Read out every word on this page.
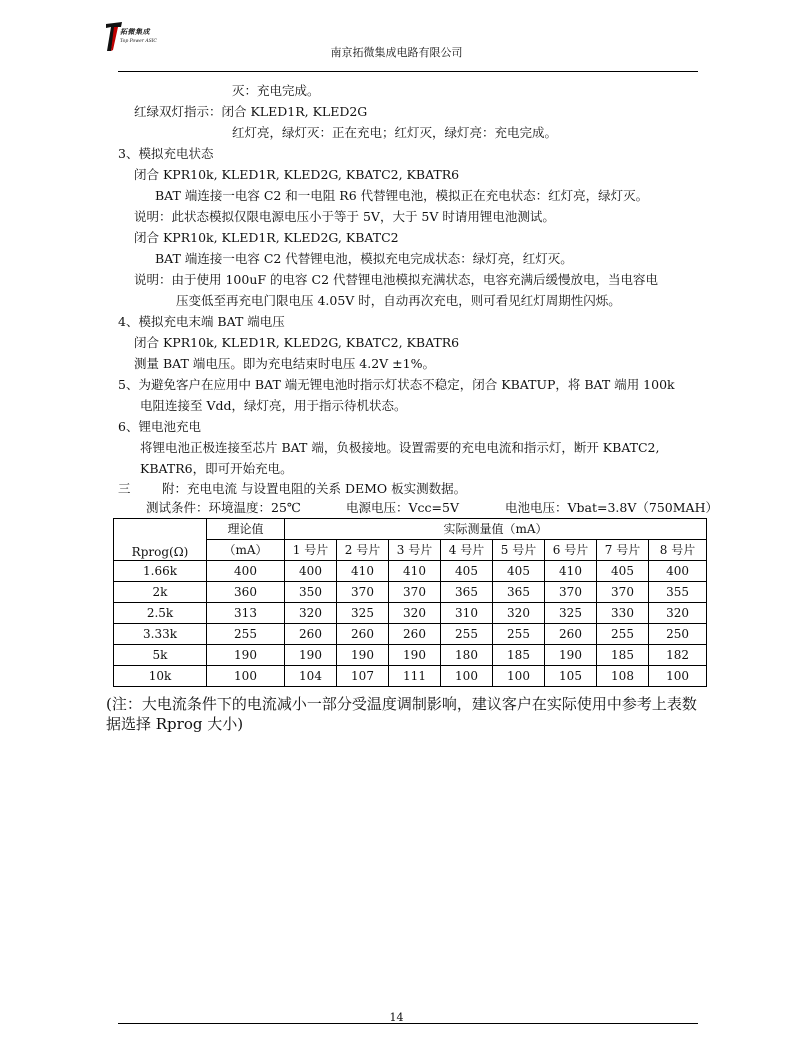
拓微集成
Top Power ASIC
南京拓微集成电路有限公司
灭：充电完成。
红绿双灯指示：闭合 KLED1R, KLED2G
红灯亮，绿灯灭：正在充电；红灯灭，绿灯亮：充电完成。
3、模拟充电状态
闭合 KPR10k, KLED1R, KLED2G, KBATC2, KBATR6
BAT 端连接一电容 C2 和一电阻 R6 代替锂电池，模拟正在充电状态：红灯亮，绿灯灭。
说明：此状态模拟仅限电源电压小于等于 5V，大于 5V 时请用锂电池测试。
闭合 KPR10k, KLED1R, KLED2G, KBATC2
BAT 端连接一电容 C2 代替锂电池，模拟充电完成状态：绿灯亮，红灯灭。
说明：由于使用 100uF 的电容 C2 代替锂电池模拟充满状态，电容充满后缓慢放电，当电容电
压变低至再充电门限电压 4.05V 时，自动再次充电，则可看见红灯周期性闪烁。
4、模拟充电末端 BAT 端电压
闭合 KPR10k, KLED1R, KLED2G, KBATC2, KBATR6
测量 BAT 端电压。即为充电结束时电压 4.2V ±1%。
5、为避免客户在应用中 BAT 端无锂电池时指示灯状态不稳定，闭合 KBATUP，将 BAT 端用 100k
电阻连接至 Vdd，绿灯亮，用于指示待机状态。
6、锂电池充电
将锂电池正极连接至芯片 BAT 端，负极接地。设置需要的充电电流和指示灯，断开 KBATC2,
KBATR6，即可开始充电。
三	附：充电电流 与设置电阻的关系 DEMO 板实测数据。
测试条件：环境温度：25℃	电源电压：Vcc=5V	电池电压：Vbat=3.8V（750MAH）
Rprog(Ω)	理论值	实际测量值（mA）							
	（mA）	1 号片	2 号片	3 号片	4 号片	5 号片	6 号片	7 号片	8 号片
1.66k	400	400	410	410	405	405	410	405	400
2k	360	350	370	370	365	365	370	370	355
2.5k	313	320	325	320	310	320	325	330	320
3.33k	255	260	260	260	255	255	260	255	250
5k	190	190	190	190	180	185	190	185	182
10k	100	104	107	111	100	100	105	108	100
(注：大电流条件下的电流减小一部分受温度调制影响，建议客户在实际使用中参考上表数据选择 Rprog 大小)
14
